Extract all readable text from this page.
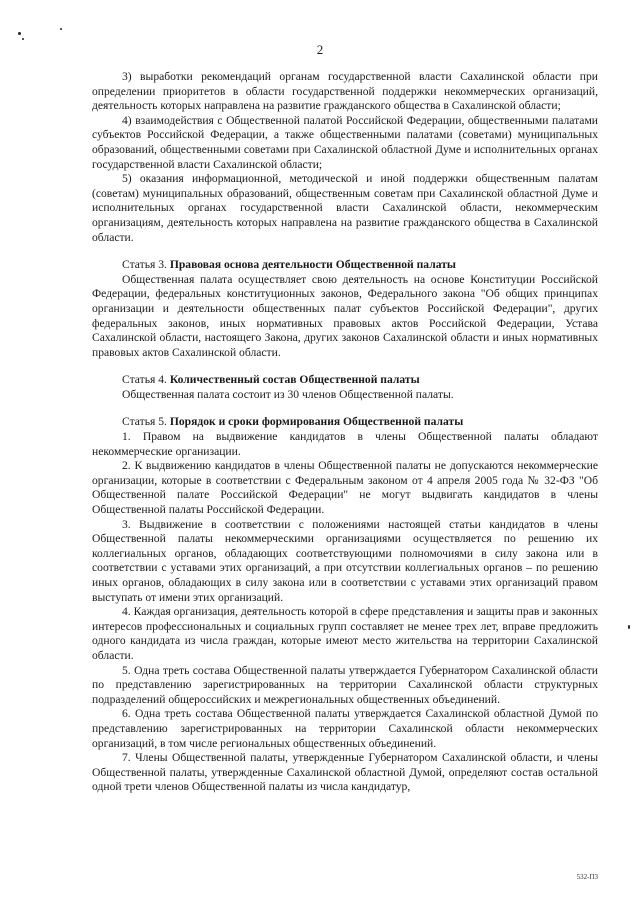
2

3) выработки рекомендаций органам государственной власти Сахалинской области при определении приоритетов в области государственной поддержки некоммерческих организаций, деятельность которых направлена на развитие гражданского общества в Сахалинской области;

4) взаимодействия с Общественной палатой Российской Федерации, общественными палатами субъектов Российской Федерации, а также общественными палатами (советами) муниципальных образований, общественными советами при Сахалинской областной Думе и исполнительных органах государственной власти Сахалинской области;

5) оказания информационной, методической и иной поддержки общественным палатам (советам) муниципальных образований, общественным советам при Сахалинской областной Думе и исполнительных органах государственной власти Сахалинской области, некоммерческим организациям, деятельность которых направлена на развитие гражданского общества в Сахалинской области.

Статья 3. Правовая основа деятельности Общественной палаты

Общественная палата осуществляет свою деятельность на основе Конституции Российской Федерации, федеральных конституционных законов, Федерального закона "Об общих принципах организации и деятельности общественных палат субъектов Российской Федерации", других федеральных законов, иных нормативных правовых актов Российской Федерации, Устава Сахалинской области, настоящего Закона, других законов Сахалинской области и иных нормативных правовых актов Сахалинской области.

Статья 4. Количественный состав Общественной палаты

Общественная палата состоит из 30 членов Общественной палаты.

Статья 5. Порядок и сроки формирования Общественной палаты

1. Правом на выдвижение кандидатов в члены Общественной палаты обладают некоммерческие организации.

2. К выдвижению кандидатов в члены Общественной палаты не допускаются некоммерческие организации, которые в соответствии с Федеральным законом от 4 апреля 2005 года № 32-ФЗ "Об Общественной палате Российской Федерации" не могут выдвигать кандидатов в члены Общественной палаты Российской Федерации.

3. Выдвижение в соответствии с положениями настоящей статьи кандидатов в члены Общественной палаты некоммерческими организациями осуществляется по решению их коллегиальных органов, обладающих соответствующими полномочиями в силу закона или в соответствии с уставами этих организаций, а при отсутствии коллегиальных органов – по решению иных органов, обладающих в силу закона или в соответствии с уставами этих организаций правом выступать от имени этих организаций.

4. Каждая организация, деятельность которой в сфере представления и защиты прав и законных интересов профессиональных и социальных групп составляет не менее трех лет, вправе предложить одного кандидата из числа граждан, которые имеют место жительства на территории Сахалинской области.

5. Одна треть состава Общественной палаты утверждается Губернатором Сахалинской области по представлению зарегистрированных на территории Сахалинской области структурных подразделений общероссийских и межрегиональных общественных объединений.

6. Одна треть состава Общественной палаты утверждается Сахалинской областной Думой по представлению зарегистрированных на территории Сахалинской области некоммерческих организаций, в том числе региональных общественных объединений.

7. Члены Общественной палаты, утвержденные Губернатором Сахалинской области, и члены Общественной палаты, утвержденные Сахалинской областной Думой, определяют состав остальной одной трети членов Общественной палаты из числа кандидатур,

532-П3
